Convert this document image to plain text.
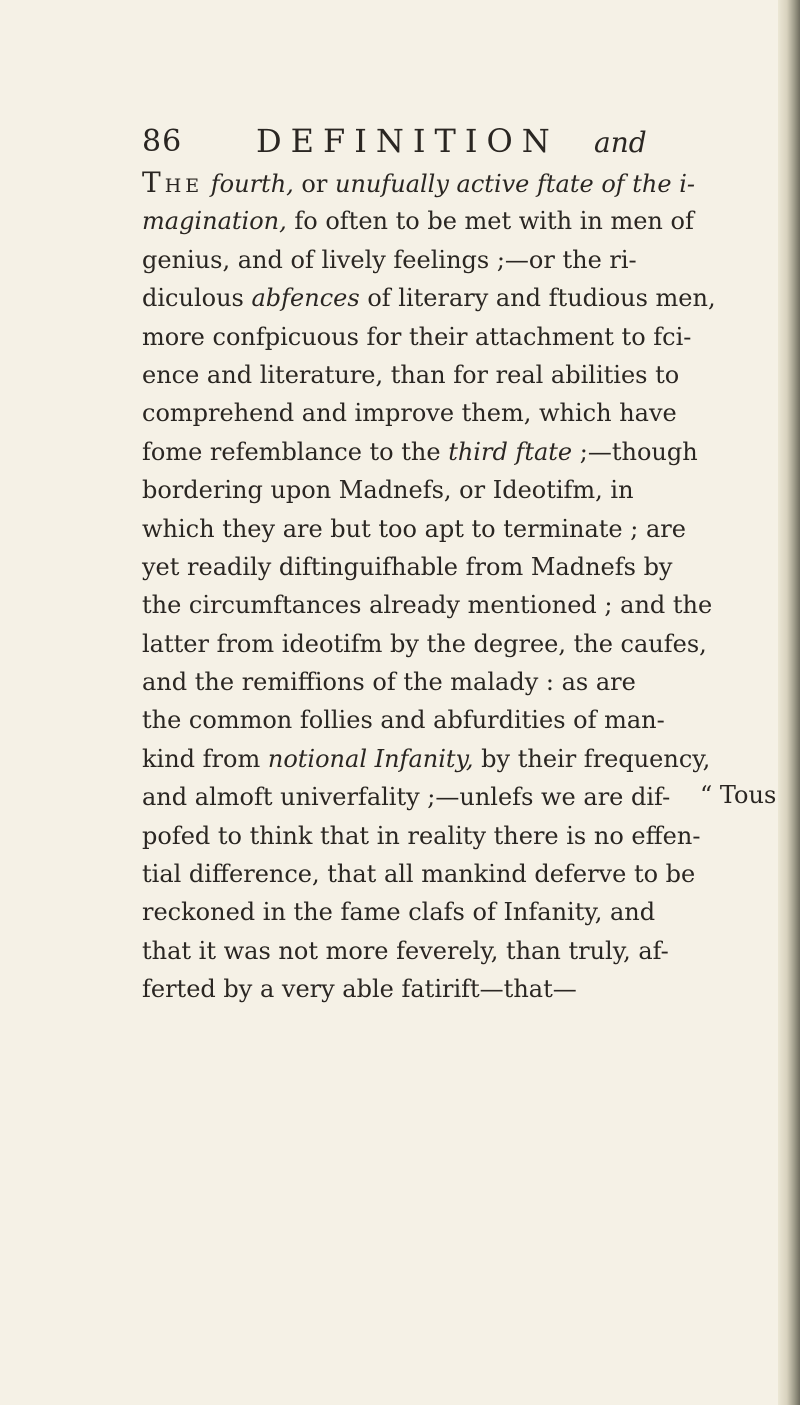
86 DEFINITION and
THE fourth, or unufually active ftate of the i-
magination, fo often to be met with in men of
genius, and of lively feelings ;—or the ri-
diculous abfences of literary and ftudious men,
more confpicuous for their attachment to fci-
ence and literature, than for real abilities to
comprehend and improve them, which have
fome refemblance to the third ftate ;—though
bordering upon Madnefs, or Ideotifm, in
which they are but too apt to terminate ; are
yet readily diftinguifhable from Madnefs by
the circumftances already mentioned ; and the
latter from ideotifm by the degree, the caufes,
and the remiffions of the malady : as are
the common follies and abfurdities of man-
kind from notional Infanity, by their frequency,
and almoft univerfality ;—unlefs we are dif-
pofed to think that in reality there is no effen-
tial difference, that all mankind deferve to be
reckoned in the fame clafs of Infanity, and
that it was not more feverely, than truly, af-
ferted by a very able fatirift—that—
“ Tous
